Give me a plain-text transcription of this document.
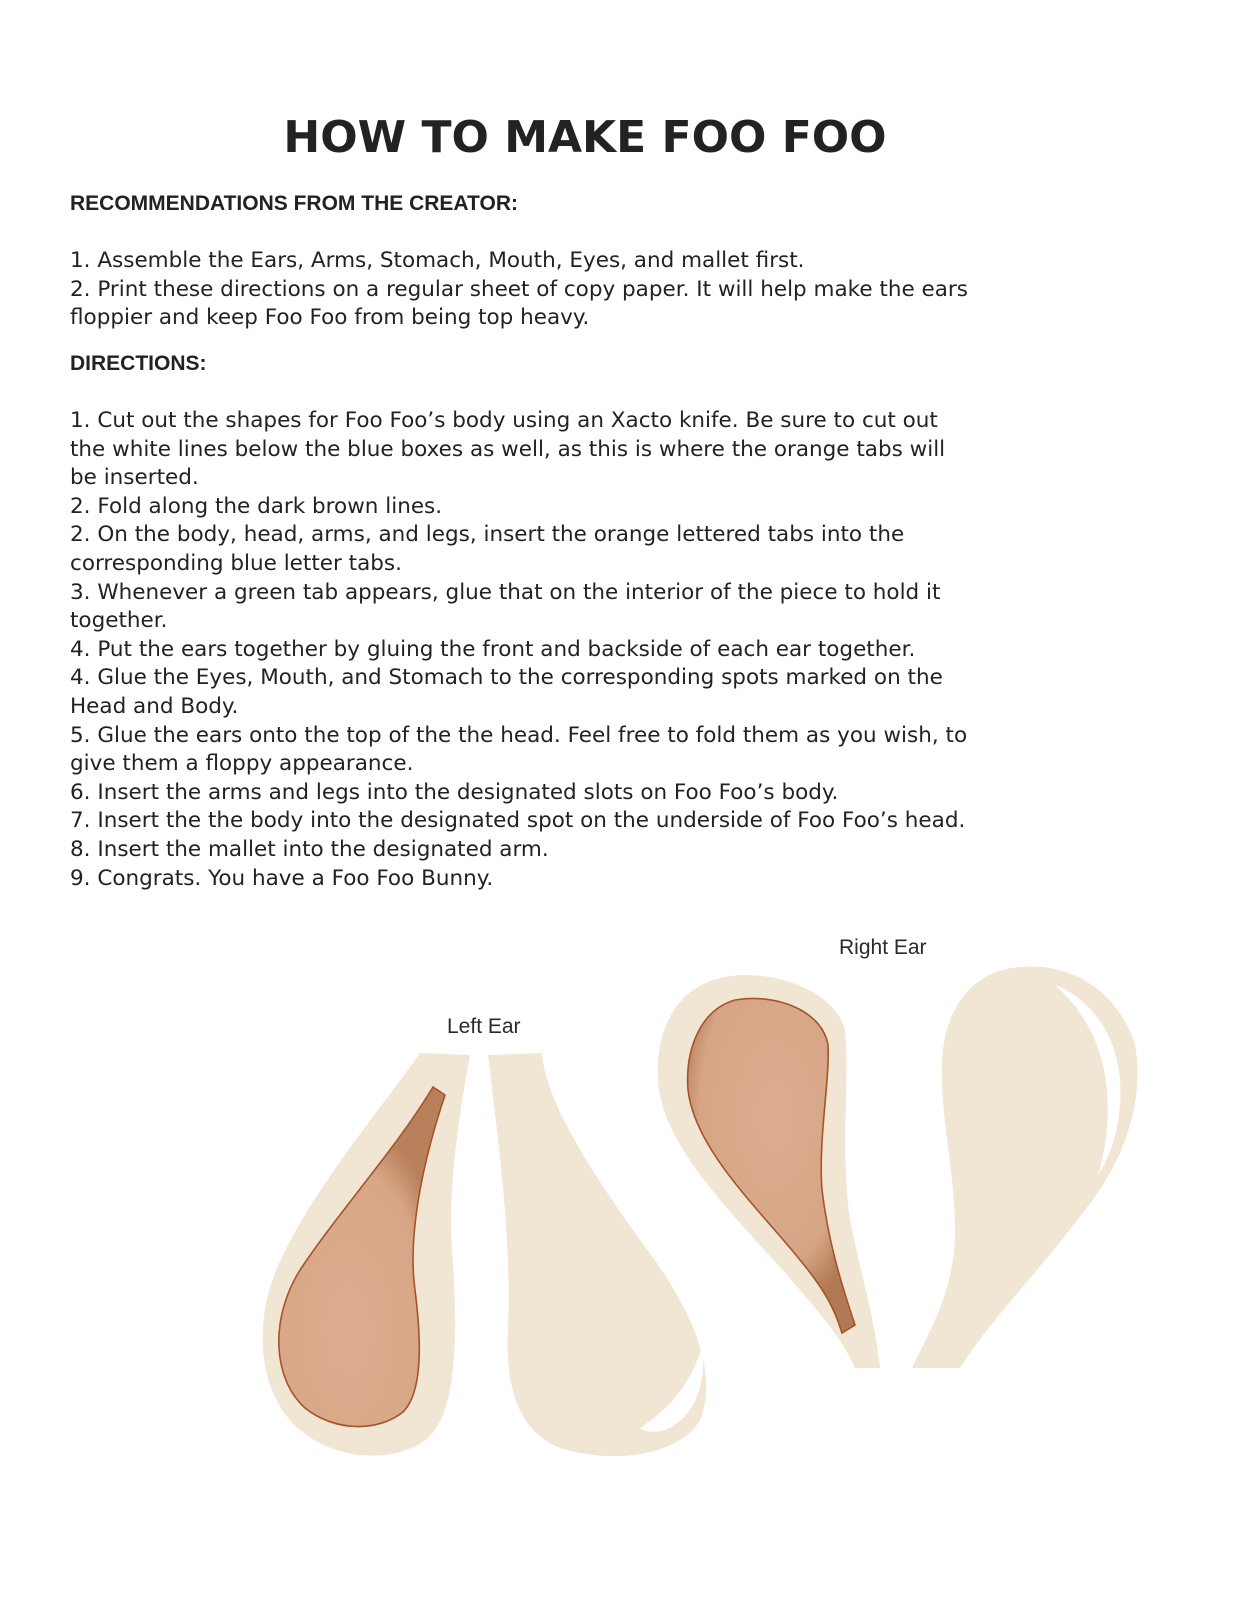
HOW TO MAKE FOO FOO
RECOMMENDATIONS FROM THE CREATOR:
1. Assemble the Ears, Arms, Stomach, Mouth, Eyes, and mallet first.
2. Print these directions on a regular sheet of copy paper. It will help make the ears floppier and keep Foo Foo from being top heavy.
DIRECTIONS:
1. Cut out the shapes for Foo Foo’s body using an Xacto knife. Be sure to cut out the white lines below the blue boxes as well, as this is where the orange tabs will be inserted.
2. Fold along the dark brown lines.
2. On the body, head, arms, and legs, insert the orange lettered tabs into the corresponding blue letter tabs.
3. Whenever a green tab appears, glue that on the interior of the piece to hold it together.
4. Put the ears together by gluing the front and backside of each ear together.
4. Glue the Eyes, Mouth, and Stomach to the corresponding spots marked on the Head and Body.
5. Glue the ears onto the top of the the head. Feel free to fold them as you wish, to give them a floppy appearance.
6. Insert the arms and legs into the designated slots on Foo Foo’s body.
7. Insert the the body into the designated spot on the underside of Foo Foo’s head.
8. Insert the mallet into the designated arm.
9. Congrats. You have a Foo Foo Bunny.
Left Ear
Right Ear
